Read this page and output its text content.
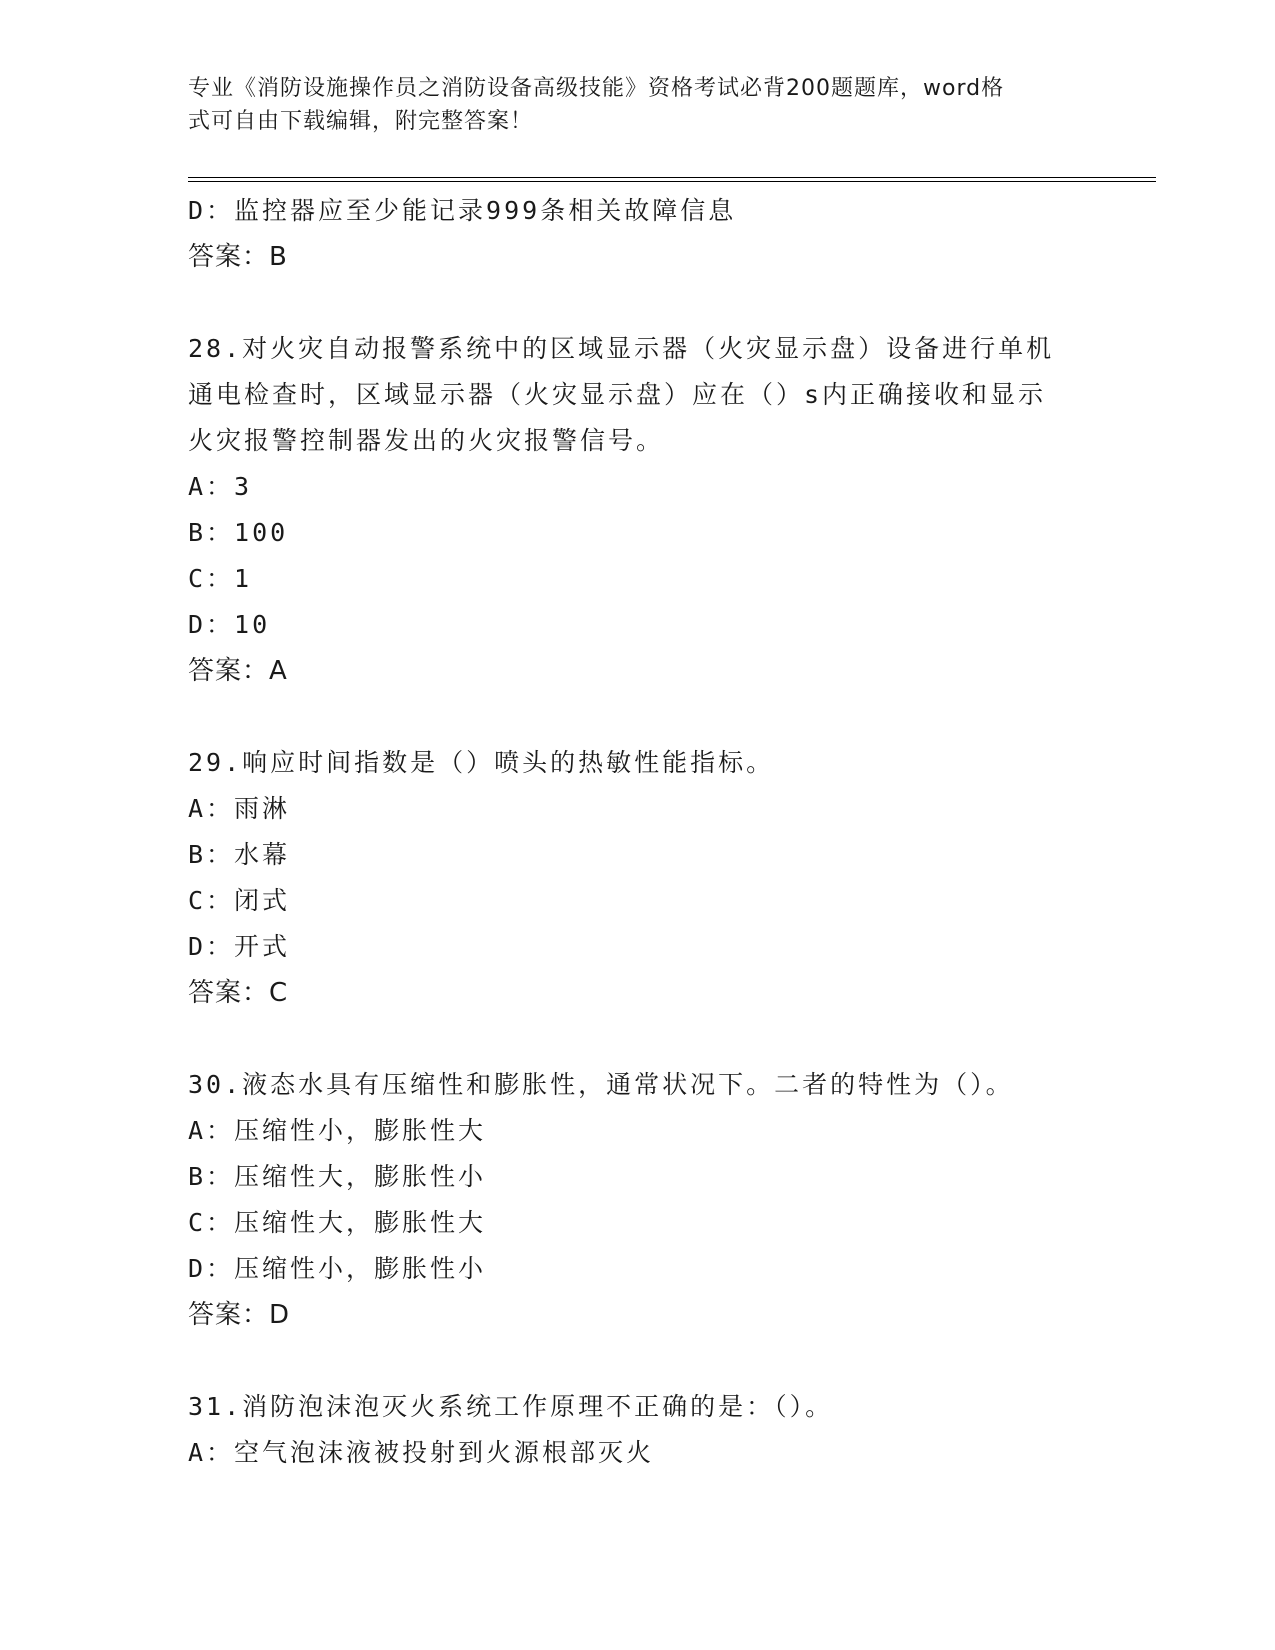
专业《消防设施操作员之消防设备高级技能》资格考试必背200题题库，word格
式可自由下载编辑，附完整答案！
D：监控器应至少能记录999条相关故障信息
答案：B
28.对火灾自动报警系统中的区域显示器（火灾显示盘）设备进行单机
通电检查时，区域显示器（火灾显示盘）应在（）s内正确接收和显示
火灾报警控制器发出的火灾报警信号。
A：3
B：100
C：1
D：10
答案：A
29.响应时间指数是（）喷头的热敏性能指标。
A：雨淋
B：水幕
C：闭式
D：开式
答案：C
30.液态水具有压缩性和膨胀性，通常状况下。二者的特性为（）。
A：压缩性小，膨胀性大
B：压缩性大，膨胀性小
C：压缩性大，膨胀性大
D：压缩性小，膨胀性小
答案：D
31.消防泡沫泡灭火系统工作原理不正确的是：（）。
A：空气泡沫液被投射到火源根部灭火
